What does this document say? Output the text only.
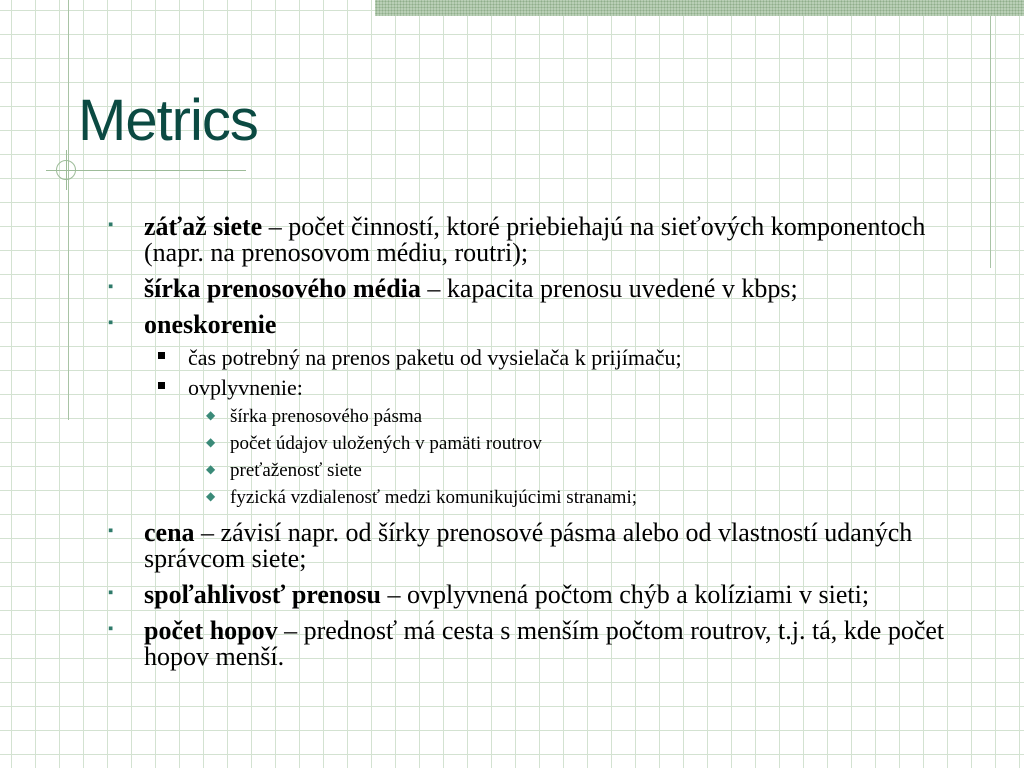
Metrics
▪ záťaž siete – počet činností, ktoré priebiehajú na sieťových komponentoch (napr. na prenosovom médiu, routri);
▪ šírka prenosového média – kapacita prenosu uvedené v kbps;
▪ oneskorenie
čas potrebný na prenos paketu od vysielača k prijímaču;
ovplyvnenie:
◆ šírka prenosového pásma
◆ počet údajov uložených v pamäti routrov
◆ preťaženosť siete
◆ fyzická vzdialenosť medzi komunikujúcimi stranami;
▪ cena – závisí napr. od šírky prenosové pásma alebo od vlastností udaných správcom siete;
▪ spoľahlivosť prenosu – ovplyvnená počtom chýb a kolíziami v sieti;
▪ počet hopov – prednosť má cesta s menším počtom routrov, t.j. tá, kde počet hopov menší.
